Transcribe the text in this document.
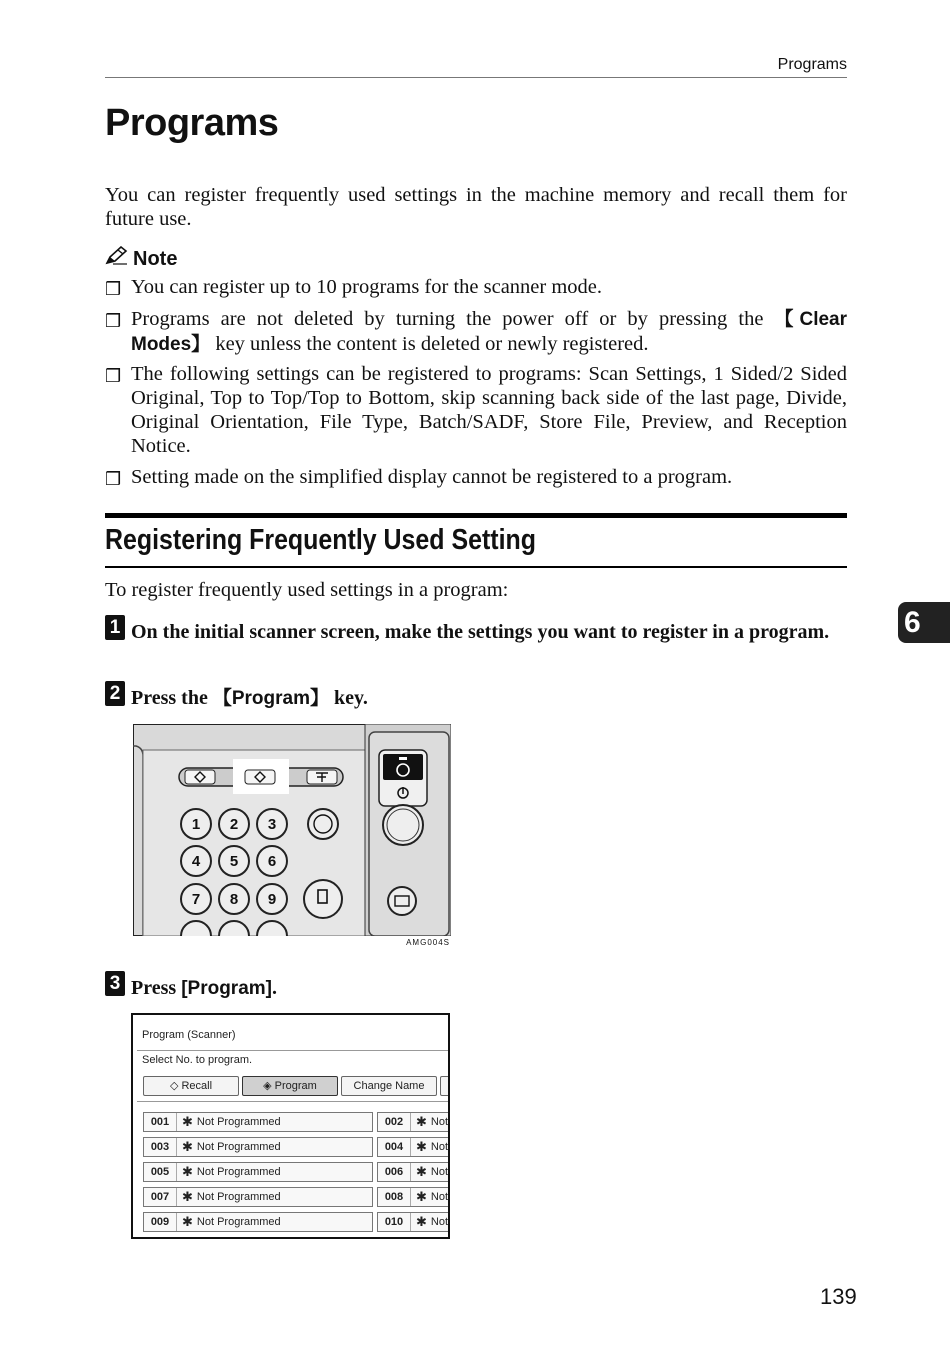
Programs
Programs
You can register frequently used settings in the machine memory and recall them for future use.
Note
❒ You can register up to 10 programs for the scanner mode.
❒ Programs are not deleted by turning the power off or by pressing the 【Clear Modes】 key unless the content is deleted or newly registered.
❒ The following settings can be registered to programs: Scan Settings, 1 Sided/2 Sided Original, Top to Top/Top to Bottom, skip scanning back side of the last page, Divide, Original Orientation, File Type, Batch/SADF, Store File, Preview, and Reception Notice.
❒ Setting made on the simplified display cannot be registered to a program.
Registering Frequently Used Setting
To register frequently used settings in a program:
1 On the initial scanner screen, make the settings you want to register in a program.
2 Press the 【Program】 key.
1 2 3
4 5 6
7 8 9
AMG004S
3 Press [Program].
Program (Scanner)
Select No. to program.
◇ Recall	◈ Program	Change Name
001 ✱ Not Programmed
003 ✱ Not Programmed
005 ✱ Not Programmed
007 ✱ Not Programmed
009 ✱ Not Programmed
002 ✱ Not
004 ✱ Not
006 ✱ Not
008 ✱ Not
010 ✱ Not
6
139
